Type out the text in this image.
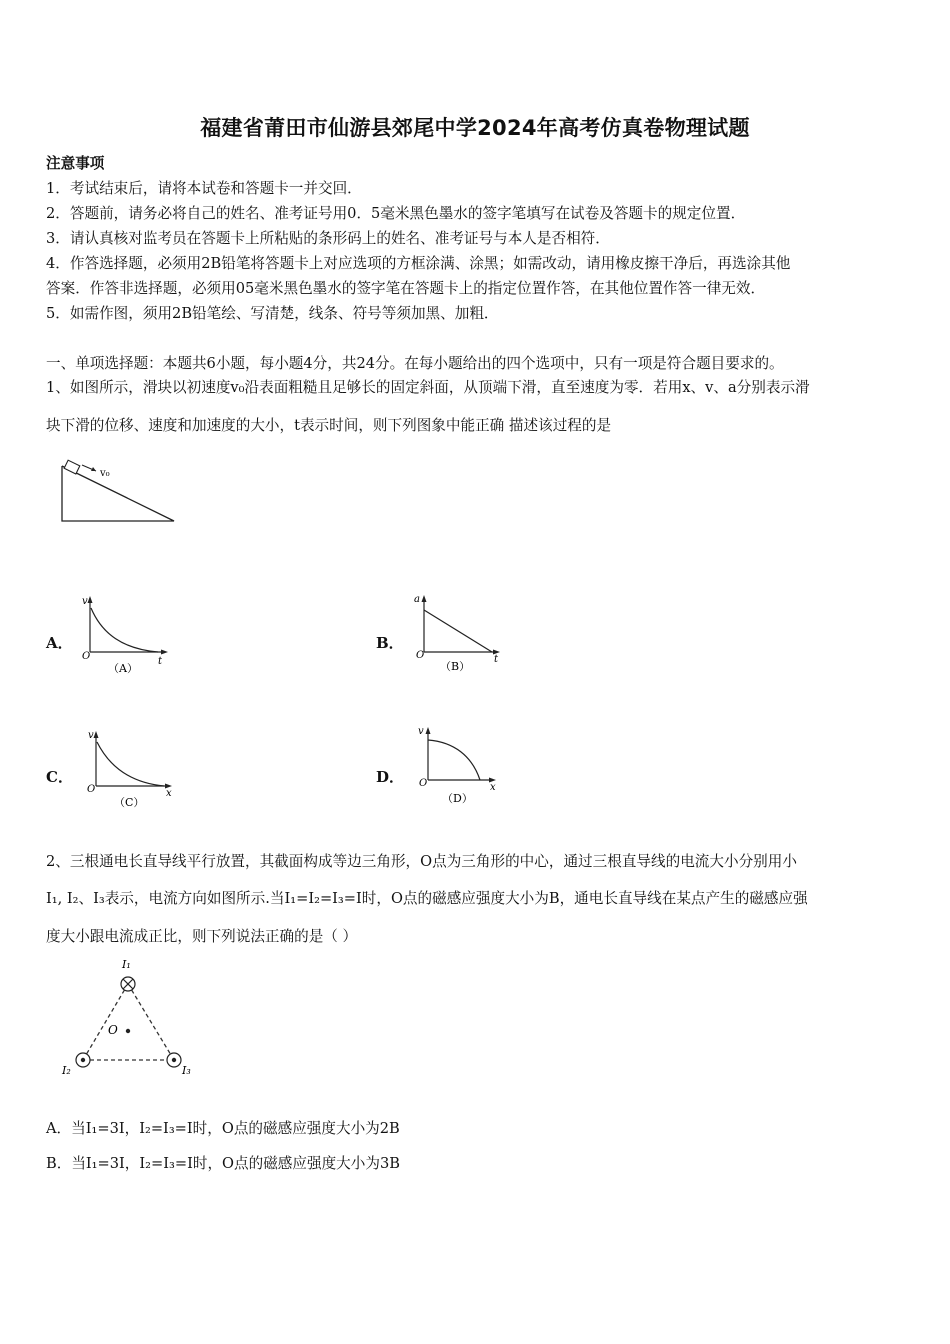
福建省莆田市仙游县郊尾中学2024年高考仿真卷物理试题
注意事项
1．考试结束后，请将本试卷和答题卡一并交回．
2．答题前，请务必将自己的姓名、准考证号用0．5毫米黑色墨水的签字笔填写在试卷及答题卡的规定位置．
3．请认真核对监考员在答题卡上所粘贴的条形码上的姓名、准考证号与本人是否相符．
4．作答选择题，必须用2B铅笔将答题卡上对应选项的方框涂满、涂黑；如需改动，请用橡皮擦干净后，再选涂其他
答案．作答非选择题，必须用05毫米黑色墨水的签字笔在答题卡上的指定位置作答，在其他位置作答一律无效．
5．如需作图，须用2B铅笔绘、写清楚，线条、符号等须加黑、加粗．
一、单项选择题：本题共6小题，每小题4分，共24分。在每小题给出的四个选项中，只有一项是符合题目要求的。
1、如图所示，滑块以初速度v₀沿表面粗糙且足够长的固定斜面，从顶端下滑，直至速度为零．若用x、v、a分别表示滑
块下滑的位移、速度和加速度的大小，t表示时间，则下列图象中能正确 描述该过程的是
v₀
A．
v
t
O
（A）
B．
a
t
O
（B）
C．
v
x
O
（C）
D．
v
x
O
（D）
2、三根通电长直导线平行放置，其截面构成等边三角形，O点为三角形的中心，通过三根直导线的电流大小分别用小
I₁, I₂、I₃表示，电流方向如图所示.当I₁=I₂=I₃=I时，O点的磁感应强度大小为B，通电长直导线在某点产生的磁感应强
度大小跟电流成正比，则下列说法正确的是（ ）
I₁
I₂	I₃
O
A．当I₁=3I，I₂=I₃=I时，O点的磁感应强度大小为2B
B．当I₁=3I，I₂=I₃=I时，O点的磁感应强度大小为3B
